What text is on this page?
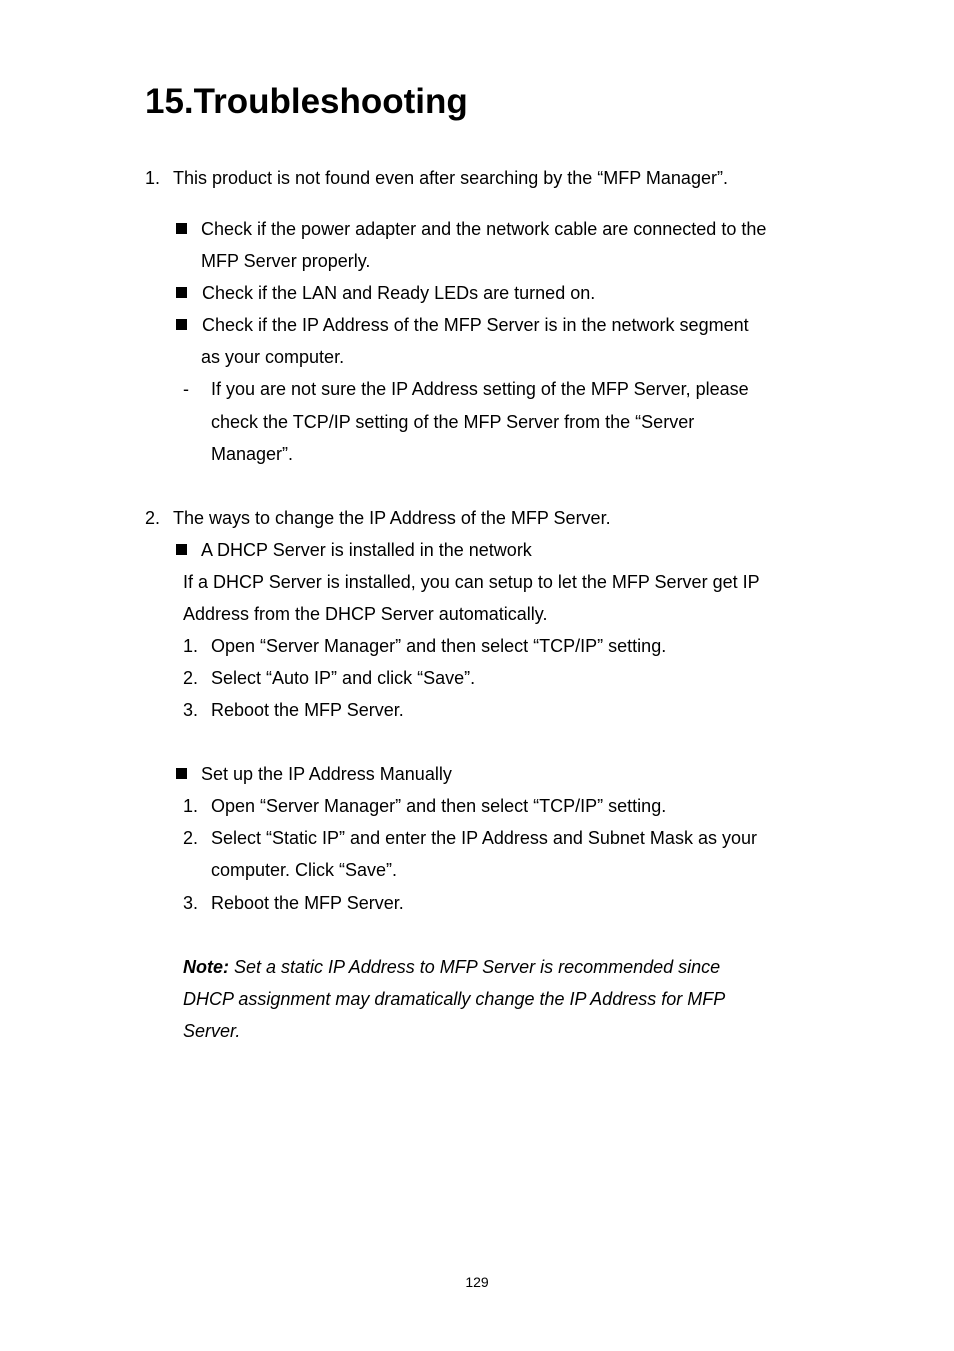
15.Troubleshooting
1. This product is not found even after searching by the “MFP Manager”.
Check if the power adapter and the network cable are connected to the
MFP Server properly.
Check if the LAN and Ready LEDs are turned on.
Check if the IP Address of the MFP Server is in the network segment
as your computer.
- If you are not sure the IP Address setting of the MFP Server, please
check the TCP/IP setting of the MFP Server from the “Server
Manager”.
2. The ways to change the IP Address of the MFP Server.
A DHCP Server is installed in the network
If a DHCP Server is installed, you can setup to let the MFP Server get IP
Address from the DHCP Server automatically.
1. Open “Server Manager” and then select “TCP/IP” setting.
2. Select “Auto IP” and click “Save”.
3. Reboot the MFP Server.
Set up the IP Address Manually
1. Open “Server Manager” and then select “TCP/IP” setting.
2. Select “Static IP” and enter the IP Address and Subnet Mask as your
computer. Click “Save”.
3. Reboot the MFP Server.
Note: Set a static IP Address to MFP Server is recommended since
DHCP assignment may dramatically change the IP Address for MFP
Server.
129
